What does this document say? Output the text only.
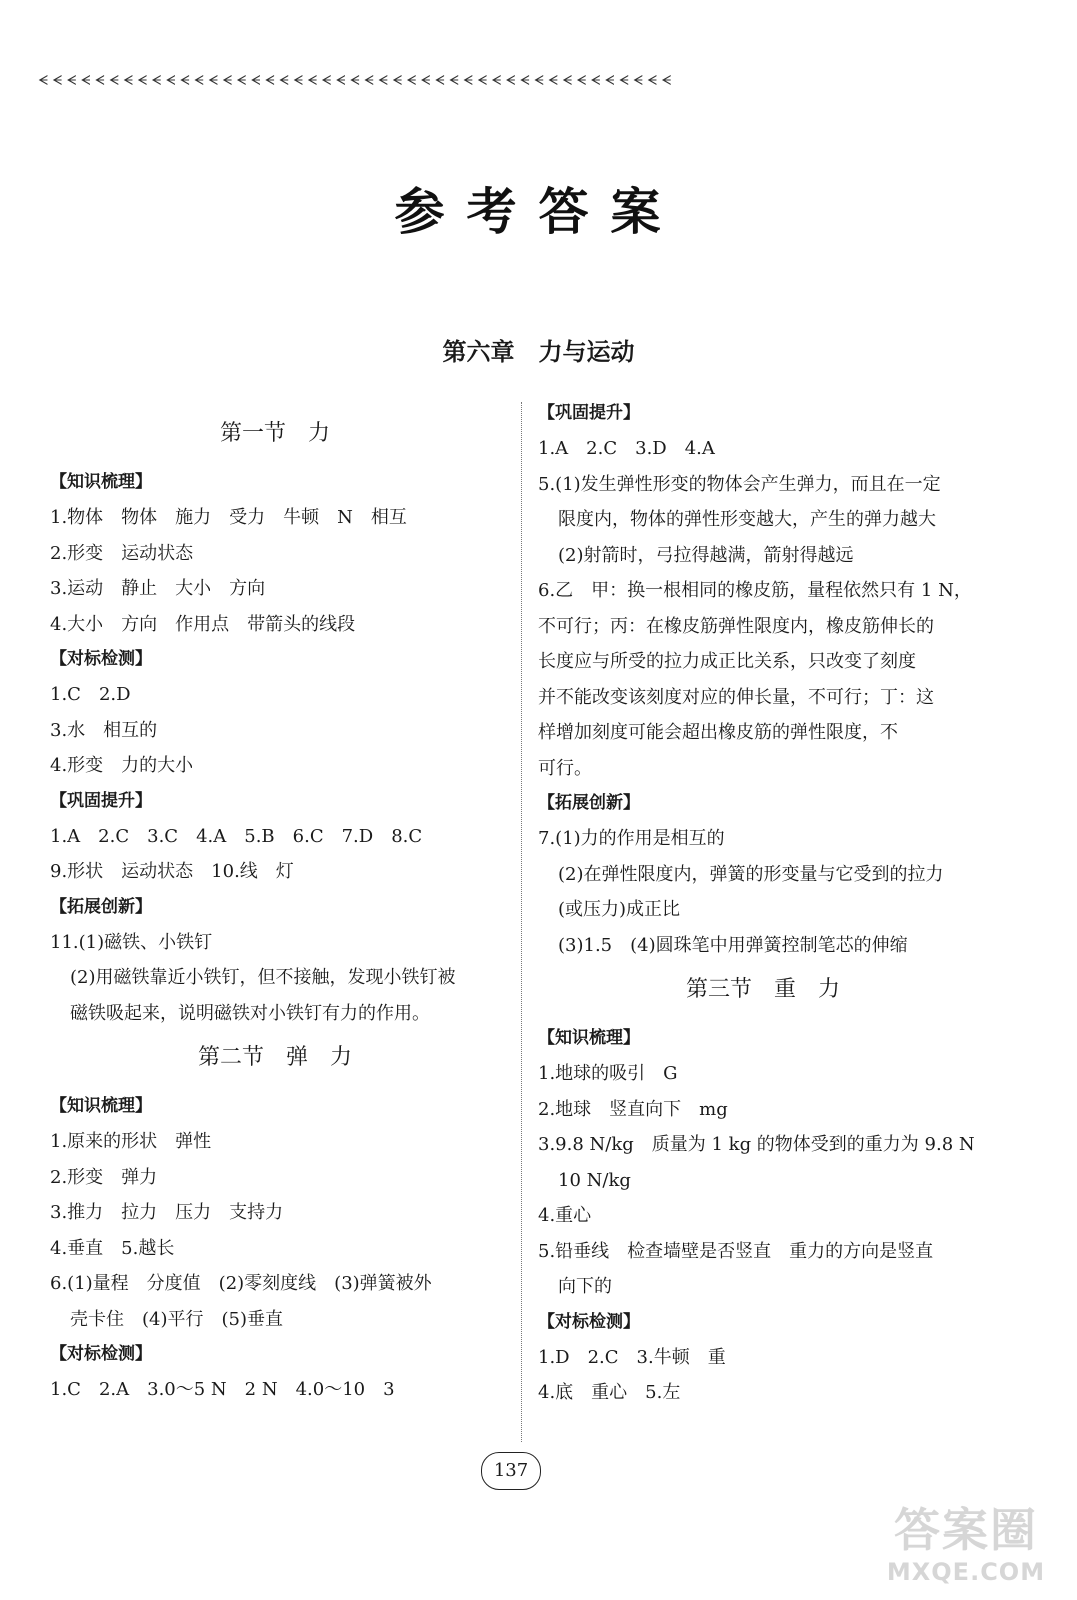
ᗕᗕᗕᗕᗕᗕᗕᗕᗕᗕᗕᗕᗕᗕᗕᗕᗕᗕᗕᗕᗕᗕᗕᗕᗕᗕᗕᗕᗕᗕᗕᗕᗕᗕᗕᗕᗕᗕᗕᗕᗕᗕᗕᗕᗕ
参考答案
第六章　力与运动
第一节　力
【知识梳理】
1.物体　物体　施力　受力　牛顿　N　相互
2.形变　运动状态
3.运动　静止　大小　方向
4.大小　方向　作用点　带箭头的线段
【对标检测】
1.C　2.D
3.水　相互的
4.形变　力的大小
【巩固提升】
1.A　2.C　3.C　4.A　5.B　6.C　7.D　8.C
9.形状　运动状态　10.线　灯
【拓展创新】
11.(1)磁铁、小铁钉
(2)用磁铁靠近小铁钉，但不接触，发现小铁钉被
磁铁吸起来，说明磁铁对小铁钉有力的作用。
第二节　弹　力
【知识梳理】
1.原来的形状　弹性
2.形变　弹力
3.推力　拉力　压力　支持力
4.垂直　5.越长
6.(1)量程　分度值　(2)零刻度线　(3)弹簧被外
壳卡住　(4)平行　(5)垂直
【对标检测】
1.C　2.A　3.0～5 N　2 N　4.0～10　3
【巩固提升】
1.A　2.C　3.D　4.A
5.(1)发生弹性形变的物体会产生弹力，而且在一定
限度内，物体的弹性形变越大，产生的弹力越大
(2)射箭时，弓拉得越满，箭射得越远
6.乙　甲：换一根相同的橡皮筋，量程依然只有 1 N，
不可行；丙：在橡皮筋弹性限度内，橡皮筋伸长的
长度应与所受的拉力成正比关系，只改变了刻度
并不能改变该刻度对应的伸长量，不可行；丁：这
样增加刻度可能会超出橡皮筋的弹性限度，不
可行。
【拓展创新】
7.(1)力的作用是相互的
(2)在弹性限度内，弹簧的形变量与它受到的拉力
(或压力)成正比
(3)1.5　(4)圆珠笔中用弹簧控制笔芯的伸缩
第三节　重　力
【知识梳理】
1.地球的吸引　G
2.地球　竖直向下　mg
3.9.8 N/kg　质量为 1 kg 的物体受到的重力为 9.8 N
10 N/kg
4.重心
5.铅垂线　检查墙壁是否竖直　重力的方向是竖直
向下的
【对标检测】
1.D　2.C　3.牛顿　重
4.底　重心　5.左
137
答案圈
MXQE.COM
